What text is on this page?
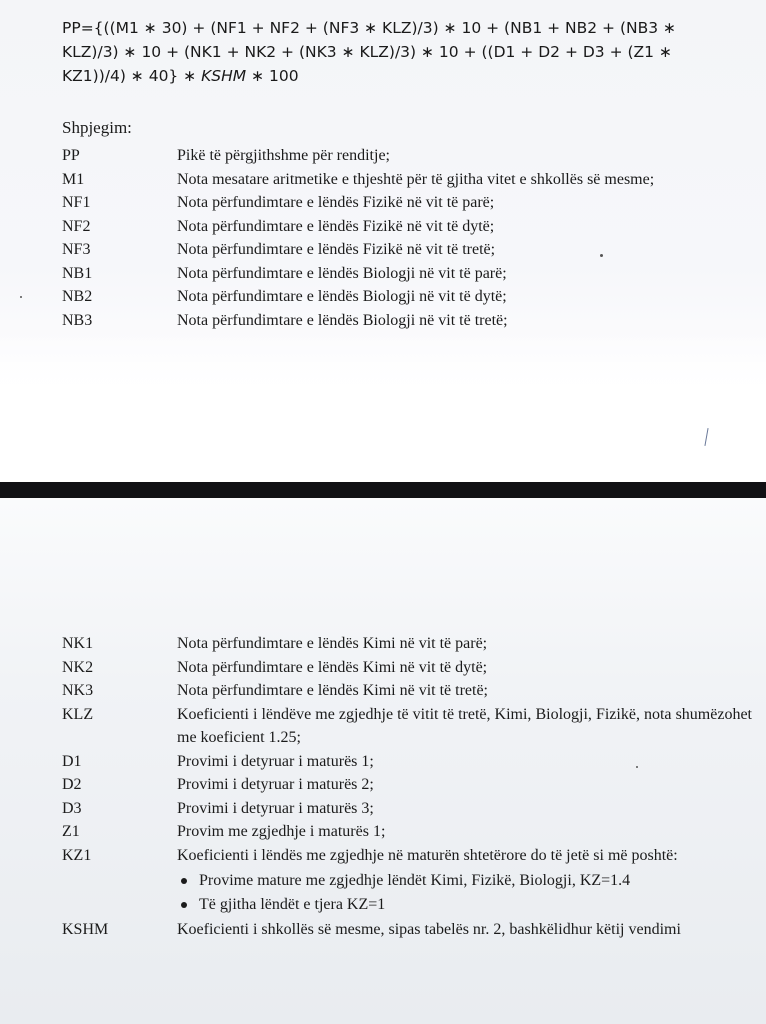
PP={((M1 ∗ 30) + (NF1 + NF2 + (NF3 ∗ KLZ)/3) ∗ 10 + (NB1 + NB2 + (NB3 ∗
KLZ)/3) ∗ 10 + (NK1 + NK2 + (NK3 ∗ KLZ)/3) ∗ 10 + ((D1 + D2 + D3 + (Z1 ∗
KZ1))/4) ∗ 40} ∗ KSHM ∗ 100
Shpjegim:
PP	Pikë të përgjithshme për renditje;
M1	Nota mesatare aritmetike e thjeshtë për të gjitha vitet e shkollës së mesme;
NF1	Nota përfundimtare e lëndës Fizikë në vit të parë;
NF2	Nota përfundimtare e lëndës Fizikë në vit të dytë;
NF3	Nota përfundimtare e lëndës Fizikë në vit të tretë;
NB1	Nota përfundimtare e lëndës Biologji në vit të parë;
NB2	Nota përfundimtare e lëndës Biologji në vit të dytë;
NB3	Nota përfundimtare e lëndës Biologji në vit të tretë;
NK1	Nota përfundimtare e lëndës Kimi në vit të parë;
NK2	Nota përfundimtare e lëndës Kimi në vit të dytë;
NK3	Nota përfundimtare e lëndës Kimi në vit të tretë;
KLZ	Koeficienti i lëndëve me zgjedhje të vitit të tretë, Kimi, Biologji, Fizikë, nota shumëzohet me koeficient 1.25;
D1	Provimi i detyruar i maturës 1;
D2	Provimi i detyruar i maturës 2;
D3	Provimi i detyruar i maturës 3;
Z1	Provim me zgjedhje i maturës 1;
KZ1	Koeficienti i lëndës me zgjedhje në maturën shtetërore do të jetë si më poshtë:
Provime mature me zgjedhje lëndët Kimi, Fizikë, Biologji, KZ=1.4
Të gjitha lëndët e tjera KZ=1
KSHM	Koeficienti i shkollës së mesme, sipas tabelës nr. 2, bashkëlidhur këtij vendimi
